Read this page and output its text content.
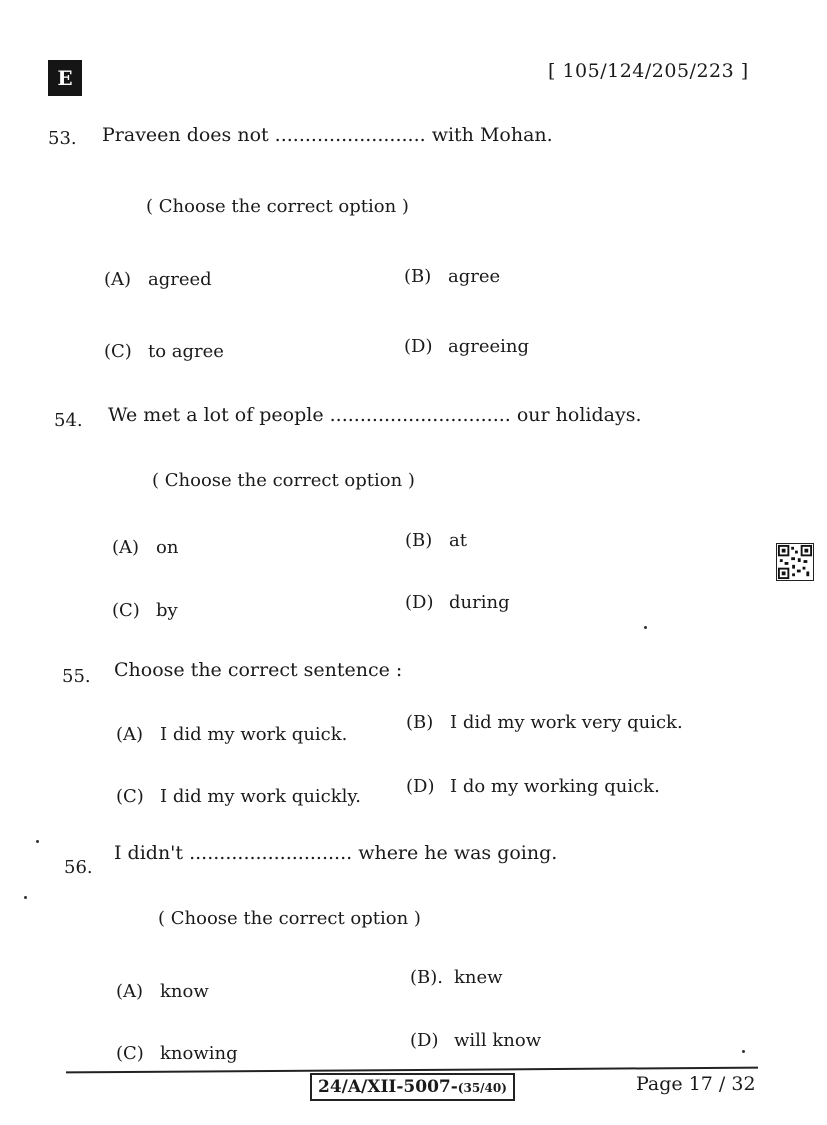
E	[ 105/124/205/223 ]
53. Praveen does not ......................... with Mohan.
( Choose the correct option )
(A) agreed	(B) agree
(C) to agree	(D) agreeing
54. We met a lot of people .............................. our holidays.
( Choose the correct option )
(A) on	(B) at
(C) by	(D) during
55. Choose the correct sentence :
(A) I did my work quick.
(B) I did my work very quick.
(C) I did my work quickly.	(D) I do my working quick.
56.
I didn't ........................... where he was going.
( Choose the correct option )
(A) know
(B). knew
(C) knowing
(D) will know
24/A/XII-5007-(35/40)	Page 17 / 32
